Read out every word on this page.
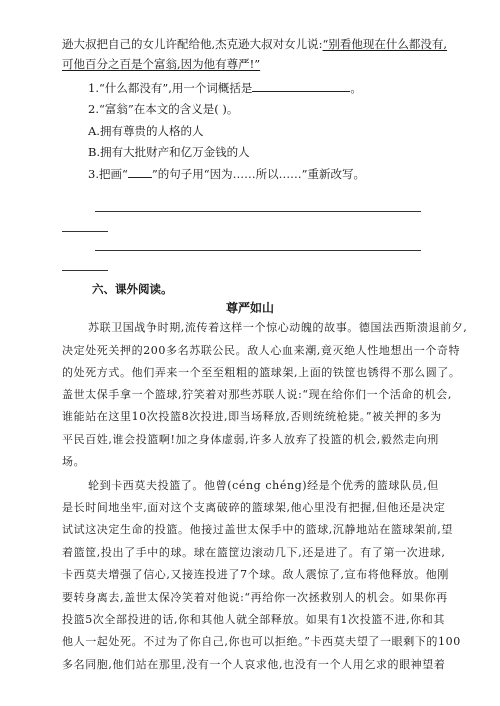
逊大叔把自己的女儿许配给他,杰克逊大叔对女儿说:“别看他现在什么都没有,
可他百分之百是个富翁,因为他有尊严!”
1.“什么都没有”,用一个词概括是	。
2.“富翁”在本文的含义是( )。
A.拥有尊贵的人格的人
B.拥有大批财产和亿万金钱的人
3.把画“ ”的句子用“因为……所以……”重新改写。
六、课外阅读。
尊严如山
苏联卫国战争时期,流传着这样一个惊心动魄的故事。德国法西斯溃退前夕,
决定处死关押的200多名苏联公民。敌人心血来潮,竟灭绝人性地想出一个奇特
的处死方式。他们弄来一个至至粗粗的篮球架,上面的铁筐也锈得不那么圆了。
盖世太保手拿一个篮球,狞笑着对那些苏联人说:“现在给你们一个活命的机会,
谁能站在这里10次投篮8次投进,即当场释放,否则统统枪毙。”被关押的多为
平民百姓,谁会投篮啊!加之身体虚弱,许多人放弃了投篮的机会,毅然走向刑
场。
轮到卡西莫夫投篮了。他曾(céng chéng)经是个优秀的篮球队员,但
是长时间地坐牢,面对这个支离破碎的篮球架,他心里没有把握,但他还是决定
试试这决定生命的投篮。他接过盖世太保手中的篮球,沉静地站在篮球架前,望
着篮筐,投出了手中的球。球在篮筐边滚动几下,还是进了。有了第一次进球,
卡西莫夫增强了信心,又接连投进了7个球。敌人震惊了,宣布将他释放。他刚
要转身离去,盖世太保冷笑着对他说:“再给你一次拯救别人的机会。如果你再
投篮5次全部投进的话,你和其他人就全部释放。如果有1次投篮不进,你和其
他人一起处死。不过为了你自己,你也可以拒绝。”卡西莫夫望了一眼剩下的100
多名同胞,他们站在那里,没有一个人哀求他,也没有一个人用乞求的眼神望着
